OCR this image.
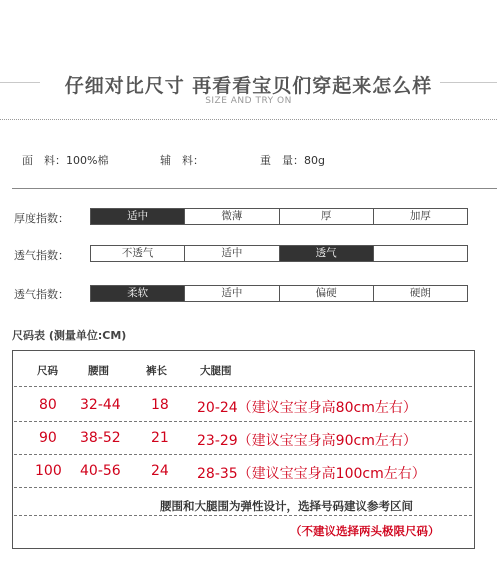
仔细对比尺寸 再看看宝贝们穿起来怎么样
SIZE AND TRY ON
面　料：100%棉	辅　料：	重　量：80g
厚度指数：	适中	微薄	厚	加厚
透气指数：	不透气	适中	透气
透气指数：	柔软	适中	偏硬	硬朗
尺码表 (测量单位:CM)
尺码	腰围	裤长	大腿围
80 32-44 18 20-24（建议宝宝身高80cm左右）
90 38-52 21 23-29（建议宝宝身高90cm左右）
100 40-56 24 28-35（建议宝宝身高100cm左右）
腰围和大腿围为弹性设计，选择号码建议参考区间
（不建议选择两头极限尺码）
